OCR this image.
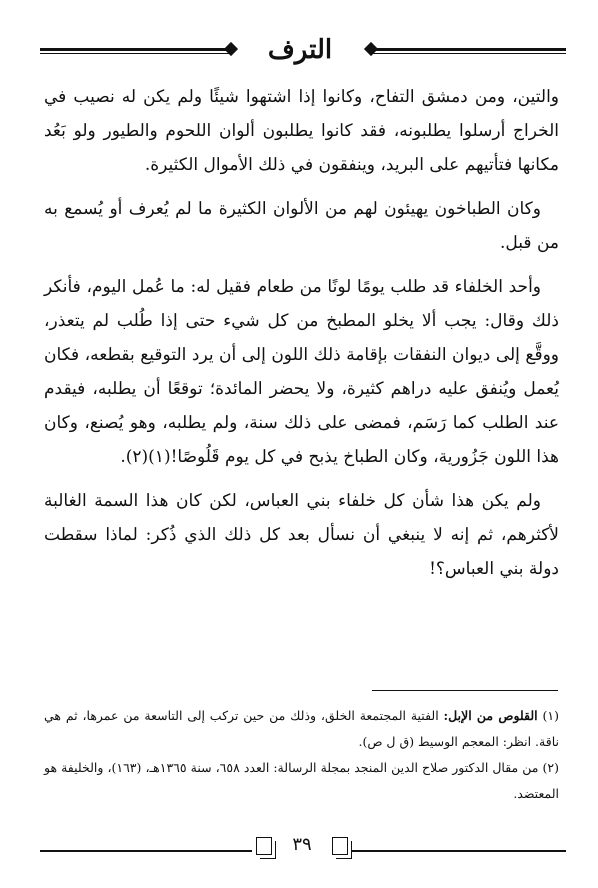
الترف

والتين، ومن دمشق التفاح، وكانوا إذا اشتهوا شيئًا ولم يكن له نصيب في الخراج أرسلوا يطلبونه، فقد كانوا يطلبون ألوان اللحوم والطيور ولو بَعُد مكانها فتأتيهم على البريد، وينفقون في ذلك الأموال الكثيرة.

وكان الطباخون يهيئون لهم من الألوان الكثيرة ما لم يُعرف أو يُسمع به من قبل.

وأحد الخلفاء قد طلب يومًا لونًا من طعام فقيل له: ما عُمل اليوم، فأنكر ذلك وقال: يجب ألا يخلو المطبخ من كل شيء حتى إذا طُلب لم يتعذر، ووقَّع إلى ديوان النفقات بإقامة ذلك اللون إلى أن يرد التوقيع بقطعه، فكان يُعمل ويُنفق عليه دراهم كثيرة، ولا يحضر المائدة؛ توقعًا أن يطلبه، فيقدم عند الطلب كما رَسَم، فمضى على ذلك سنة، ولم يطلبه، وهو يُصنع، وكان هذا اللون جَزُورية، وكان الطباخ يذبح في كل يوم قَلُوصًا!(١)(٢).

ولم يكن هذا شأن كل خلفاء بني العباس، لكن كان هذا السمة الغالبة لأكثرهم، ثم إنه لا ينبغي أن نسأل بعد كل ذلك الذي ذُكر: لماذا سقطت دولة بني العباس؟!

(١) القلوص من الإبل: الفتية المجتمعة الخلق، وذلك من حين تركب إلى التاسعة من عمرها، ثم هي ناقة. انظر: المعجم الوسيط (ق ل ص).

(٢) من مقال الدكتور صلاح الدين المنجد بمجلة الرسالة: العدد ٦٥٨، سنة ١٣٦٥هـ، (١٦٣)، والخليفة هو المعتضد.

٣٩
